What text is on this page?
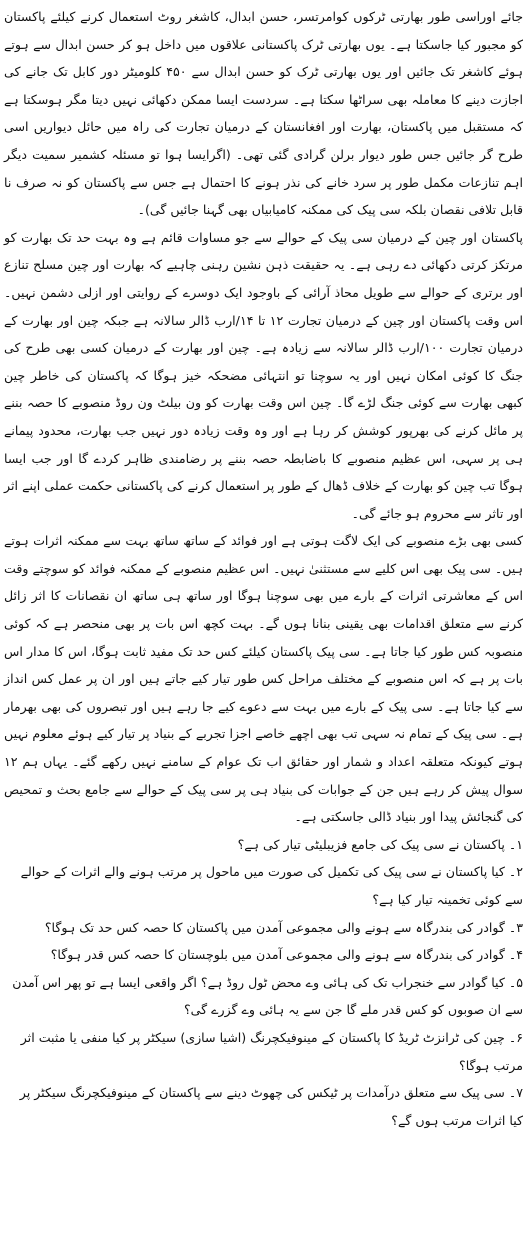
جائے اوراسی طور بھارتی ٹرکوں کوامرتسر، حسن ابدال، کاشغر روٹ استعمال کرنے کیلئے پاکستان کو مجبور کیا جاسکتا ہے۔ یوں بھارتی ٹرک پاکستانی علاقوں میں داخل ہو کر حسن ابدال سے ہوتے ہوئے کاشغر تک جائیں اور یوں بھارتی ٹرک کو حسن ابدال سے ۴۵۰ کلومیٹر دور کابل تک جانے کی اجازت دینے کا معاملہ بھی سراٹھا سکتا ہے۔ سردست ایسا ممکن دکھائی نہیں دیتا مگر ہوسکتا ہے کہ مستقبل میں پاکستان، بھارت اور افغانستان کے درمیان تجارت کی راہ میں حائل دیواریں اسی طرح گر جائیں جس طور دیوار برلن گرادی گئی تھی۔ (اگرایسا ہوا تو مسئلہ کشمیر سمیت دیگر اہم تنازعات مکمل طور پر سرد خانے کی نذر ہونے کا احتمال ہے جس سے پاکستان کو نہ صرف نا قابل تلافی نقصان بلکہ سی پیک کی ممکنہ کامیابیاں بھی گہنا جائیں گی)۔

پاکستان اور چین کے درمیان سی پیک کے حوالے سے جو مساوات قائم ہے وہ بہت حد تک بھارت کو مرتکز کرتی دکھائی دے رہی ہے۔ یہ حقیقت ذہن نشین رہنی چاہیے کہ بھارت اور چین مسلح تنازع اور برتری کے حوالے سے طویل محاذ آرائی کے باوجود ایک دوسرے کے روایتی اور ازلی دشمن نہیں۔ اس وقت پاکستان اور چین کے درمیان تجارت ۱۲ تا ۱۴/ارب ڈالر سالانہ ہے جبکہ چین اور بھارت کے درمیان تجارت ۱۰۰/ارب ڈالر سالانہ سے زیادہ ہے۔ چین اور بھارت کے درمیان کسی بھی طرح کی جنگ کا کوئی امکان نہیں اور یہ سوچنا تو انتہائی مضحکہ خیز ہوگا کہ پاکستان کی خاطر چین کبھی بھارت سے کوئی جنگ لڑے گا۔ چین اس وقت بھارت کو ون بیلٹ ون روڈ منصوبے کا حصہ بننے پر مائل کرنے کی بھرپور کوشش کر رہا ہے اور وہ وقت زیادہ دور نہیں جب بھارت، محدود پیمانے ہی پر سہی، اس عظیم منصوبے کا باضابطہ حصہ بننے پر رضامندی ظاہر کردے گا اور جب ایسا ہوگا تب چین کو بھارت کے خلاف ڈھال کے طور پر استعمال کرنے کی پاکستانی حکمت عملی اپنے اثر اور تاثر سے محروم ہو جائے گی۔

کسی بھی بڑے منصوبے کی ایک لاگت ہوتی ہے اور فوائد کے ساتھ ساتھ بہت سے ممکنہ اثرات ہوتے ہیں۔ سی پیک بھی اس کلیے سے مستثنیٰ نہیں۔ اس عظیم منصوبے کے ممکنہ فوائد کو سوچتے وقت اس کے معاشرتی اثرات کے بارے میں بھی سوچنا ہوگا اور ساتھ ہی ساتھ ان نقصانات کا اثر زائل کرنے سے متعلق اقدامات بھی یقینی بنانا ہوں گے۔ بہت کچھ اس بات پر بھی منحصر ہے کہ کوئی منصوبہ کس طور کیا جاتا ہے۔ سی پیک پاکستان کیلئے کس حد تک مفید ثابت ہوگا، اس کا مدار اس بات پر ہے کہ اس منصوبے کے مختلف مراحل کس طور تیار کیے جاتے ہیں اور ان پر عمل کس انداز سے کیا جاتا ہے۔ سی پیک کے بارے میں بہت سے دعوے کیے جا رہے ہیں اور تبصروں کی بھی بھرمار ہے۔ سی پیک کے تمام نہ سہی تب بھی اچھے خاصے اجزا تجربے کے بنیاد پر تیار کیے ہوئے معلوم نہیں ہوتے کیونکہ متعلقہ اعداد و شمار اور حقائق اب تک عوام کے سامنے نہیں رکھے گئے۔ یہاں ہم ۱۲ سوال پیش کر رہے ہیں جن کے جوابات کی بنیاد ہی پر سی پیک کے حوالے سے جامع بحث و تمحیص کی گنجائش پیدا اور بنیاد ڈالی جاسکتی ہے۔

۱۔ پاکستان نے سی پیک کی جامع فزیبلیٹی تیار کی ہے؟

۲۔ کیا پاکستان نے سی پیک کی تکمیل کی صورت میں ماحول پر مرتب ہونے والے اثرات کے حوالے سے کوئی تخمینہ تیار کیا ہے؟

۳۔ گوادر کی بندرگاہ سے ہونے والی مجموعی آمدن میں پاکستان کا حصہ کس حد تک ہوگا؟

۴۔ گوادر کی بندرگاہ سے ہونے والی مجموعی آمدن میں بلوچستان کا حصہ کس قدر ہوگا؟

۵۔ کیا گوادر سے خنجراب تک کی ہائی وے محض ٹول روڈ ہے؟ اگر واقعی ایسا ہے تو پھر اس آمدن سے ان صوبوں کو کس قدر ملے گا جن سے یہ ہائی وے گزرے گی؟

۶۔ چین کی ٹرانزٹ ٹریڈ کا پاکستان کے مینوفیکچرنگ (اشیا سازی) سیکٹر پر کیا منفی یا مثبت اثر مرتب ہوگا؟

۷۔ سی پیک سے متعلق درآمدات پر ٹیکس کی چھوٹ دینے سے پاکستان کے مینوفیکچرنگ سیکٹر پر کیا اثرات مرتب ہوں گے؟
